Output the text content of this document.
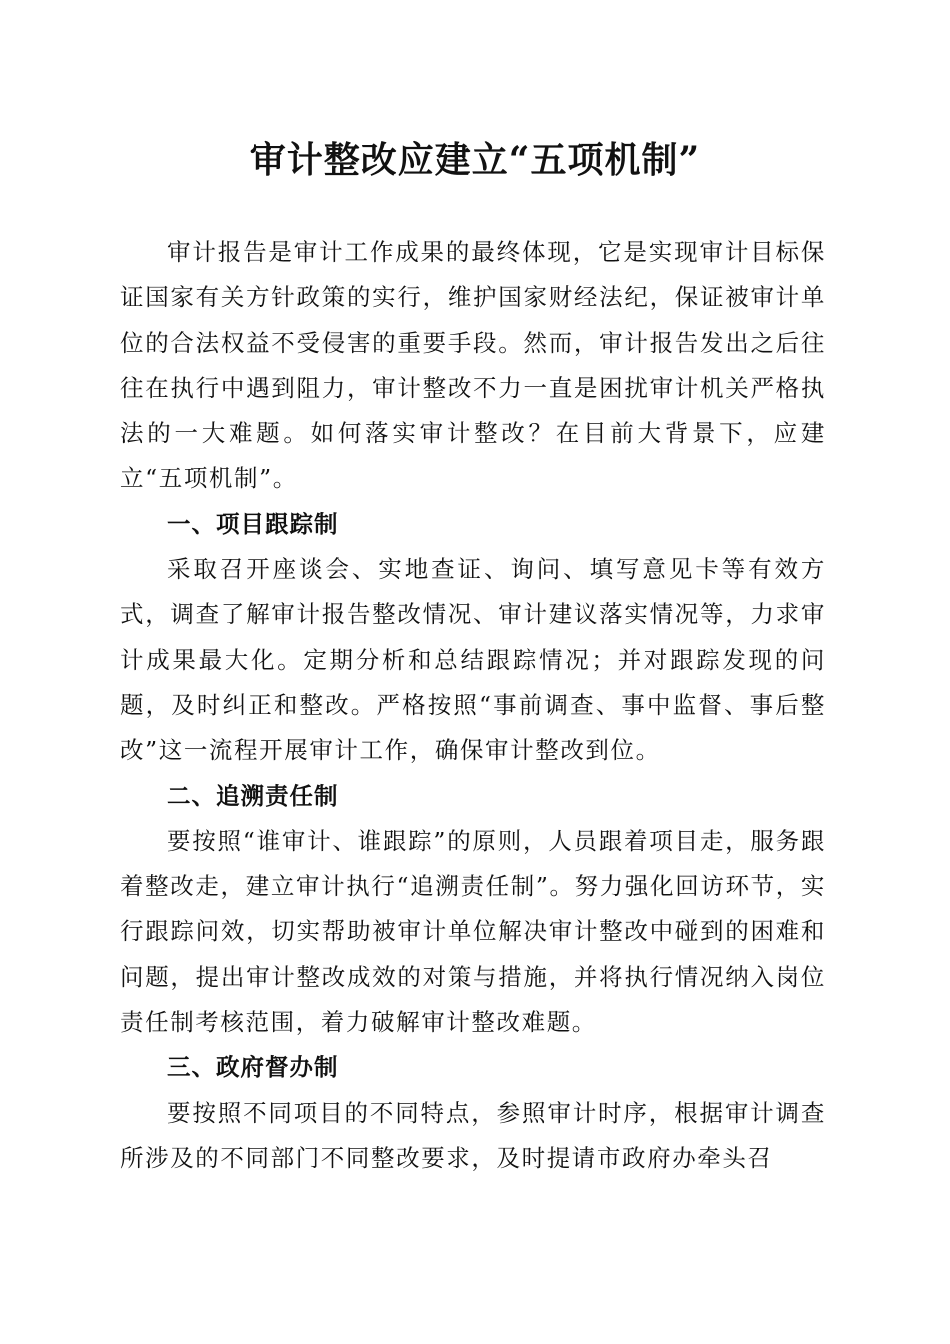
审计整改应建立“五项机制”

审计报告是审计工作成果的最终体现，它是实现审计目标保证国家有关方针政策的实行，维护国家财经法纪，保证被审计单位的合法权益不受侵害的重要手段。然而，审计报告发出之后往往在执行中遇到阻力，审计整改不力一直是困扰审计机关严格执法的一大难题。如何落实审计整改？在目前大背景下，应建立“五项机制”。

一、项目跟踪制

采取召开座谈会、实地查证、询问、填写意见卡等有效方式，调查了解审计报告整改情况、审计建议落实情况等，力求审计成果最大化。定期分析和总结跟踪情况；并对跟踪发现的问题，及时纠正和整改。严格按照“事前调查、事中监督、事后整改”这一流程开展审计工作，确保审计整改到位。

二、追溯责任制

要按照“谁审计、谁跟踪”的原则，人员跟着项目走，服务跟着整改走，建立审计执行“追溯责任制”。努力强化回访环节，实行跟踪问效，切实帮助被审计单位解决审计整改中碰到的困难和问题，提出审计整改成效的对策与措施，并将执行情况纳入岗位责任制考核范围，着力破解审计整改难题。

三、政府督办制

要按照不同项目的不同特点，参照审计时序，根据审计调查所涉及的不同部门不同整改要求，及时提请市政府办牵头召
